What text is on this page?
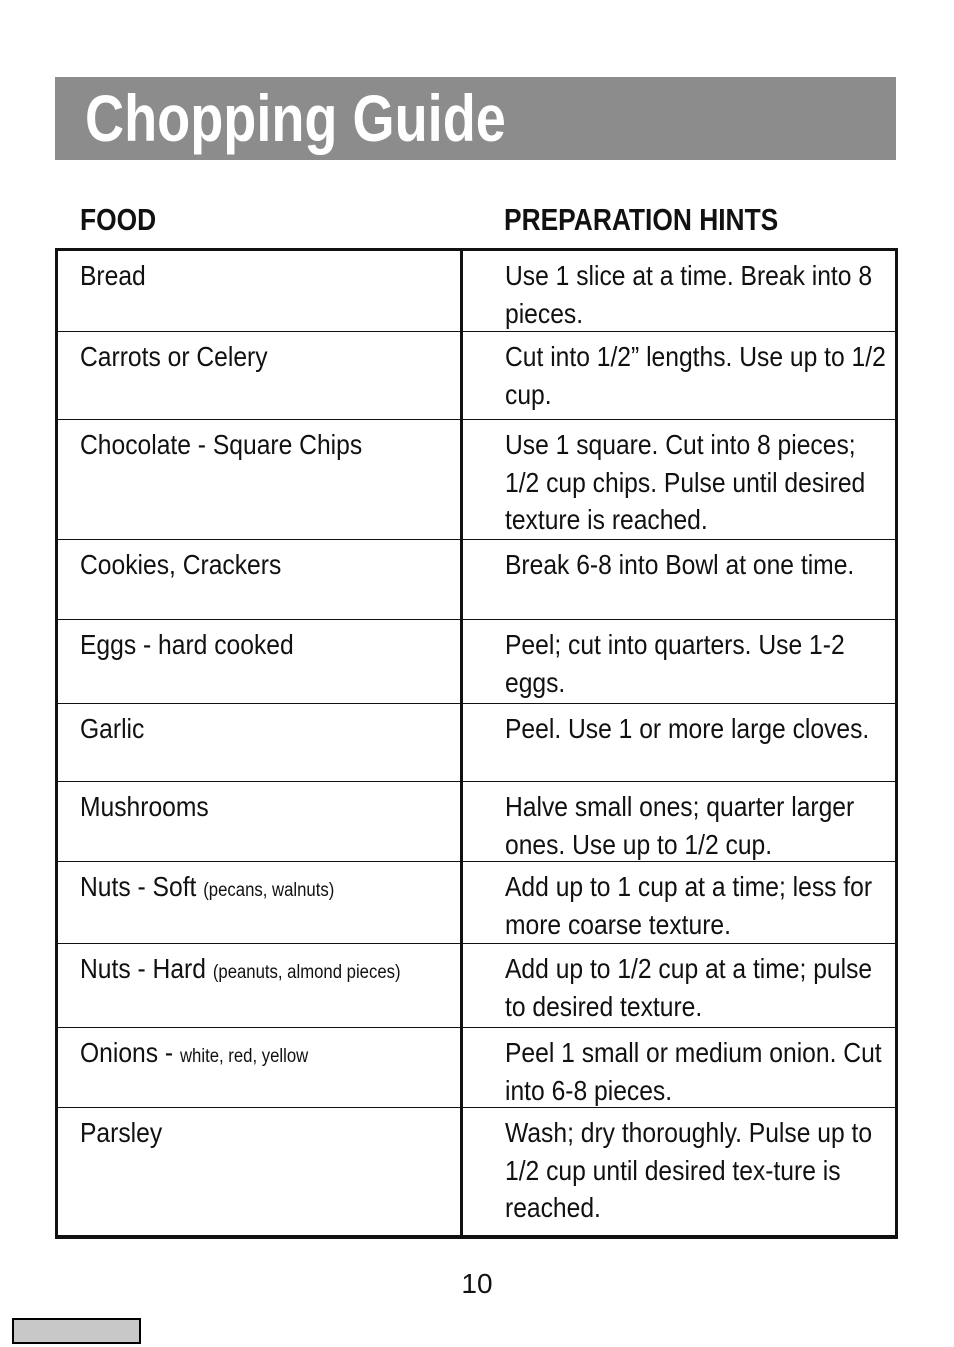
Chopping Guide
FOOD	PREPARATION HINTS
Bread	Use 1 slice at a time. Break into 8 pieces.
Carrots or Celery	Cut into 1/2” lengths. Use up to 1/2 cup.
Chocolate - Square Chips	Use 1 square. Cut into 8 pieces; 1/2 cup chips. Pulse until desired texture is reached.
Cookies, Crackers	Break 6-8 into Bowl at one time.
Eggs - hard cooked	Peel; cut into quarters. Use 1-2 eggs.
Garlic	Peel. Use 1 or more large cloves.
Mushrooms	Halve small ones; quarter larger ones. Use up to 1/2 cup.
Nuts - Soft (pecans, walnuts)	Add up to 1 cup at a time; less for more coarse texture.
Nuts - Hard (peanuts, almond pieces)	Add up to 1/2 cup at a time; pulse to desired texture.
Onions - white, red, yellow	Peel 1 small or medium onion. Cut into 6-8 pieces.
Parsley	Wash; dry thoroughly. Pulse up to 1/2 cup until desired tex-ture is reached.
10
